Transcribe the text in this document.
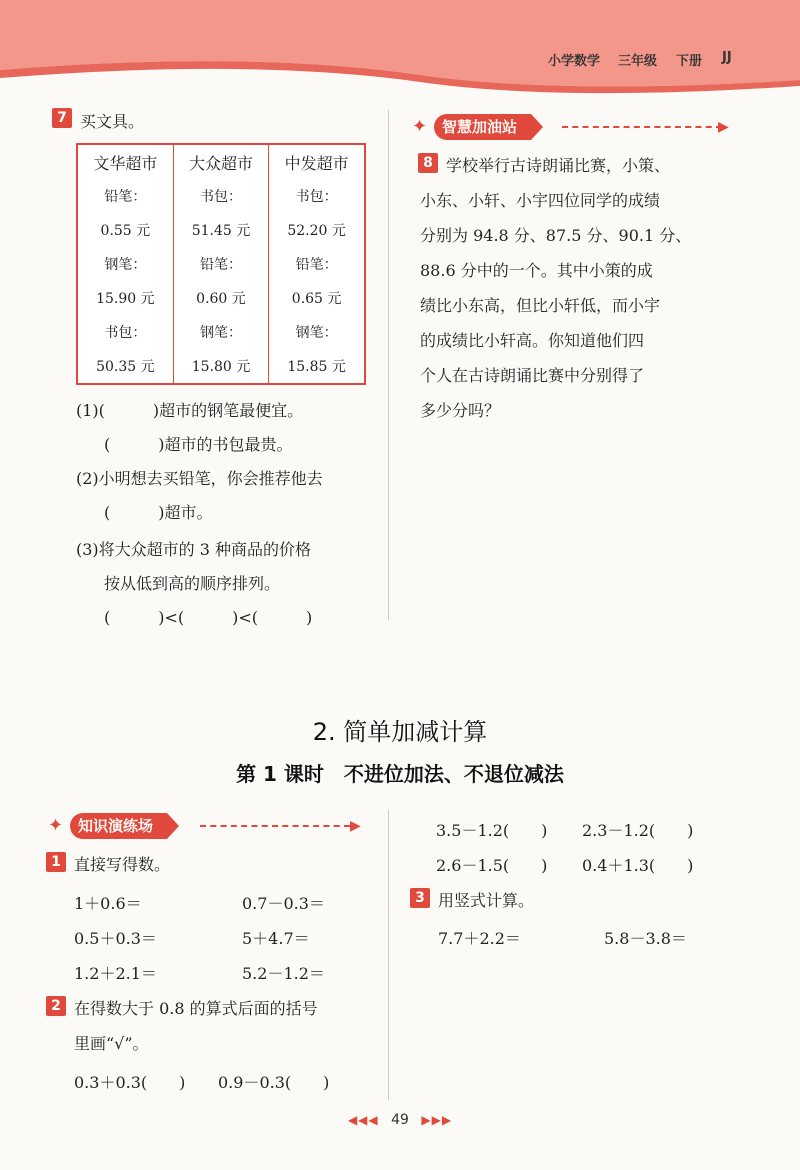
小学数学 三年级 下册 JJ
7 买文具。
文华超市	大众超市	中发超市
铅笔：	书包：	书包：
0.55 元	51.45 元	52.20 元
钢笔：	铅笔：	铅笔：
15.90 元	0.60 元	0.65 元
书包：	钢笔：	钢笔：
50.35 元	15.80 元	15.85 元
(1)(　　　)超市的钢笔最便宜。
(　　　)超市的书包最贵。
(2)小明想去买铅笔，你会推荐他去
(　　　)超市。
(3)将大众超市的 3 种商品的价格
按从低到高的顺序排列。
(　　　)<(　　　)<(　　　)
✦ 智慧加油站	▶
8 学校举行古诗朗诵比赛，小策、
小东、小轩、小宇四位同学的成绩
分别为 94.8 分、87.5 分、90.1 分、
88.6 分中的一个。其中小策的成
绩比小东高，但比小轩低，而小宇
的成绩比小轩高。你知道他们四
个人在古诗朗诵比赛中分别得了
多少分吗？
2. 简单加减计算
第 1 课时　不进位加法、不退位减法
✦ 知识演练场	▶
1 直接写得数。
1＋0.6＝	0.7－0.3＝
0.5＋0.3＝	5＋4.7＝
1.2＋2.1＝	5.2－1.2＝
2 在得数大于 0.8 的算式后面的括号
里画“√”。
0.3＋0.3(　　) 0.9－0.3(　　)
3.5－1.2(　　) 2.3－1.2(　　)
2.6－1.5(　　) 0.4＋1.3(　　)
3 用竖式计算。
7.7＋2.2＝	5.8－3.8＝
◀◀◀ 49 ▶▶▶
